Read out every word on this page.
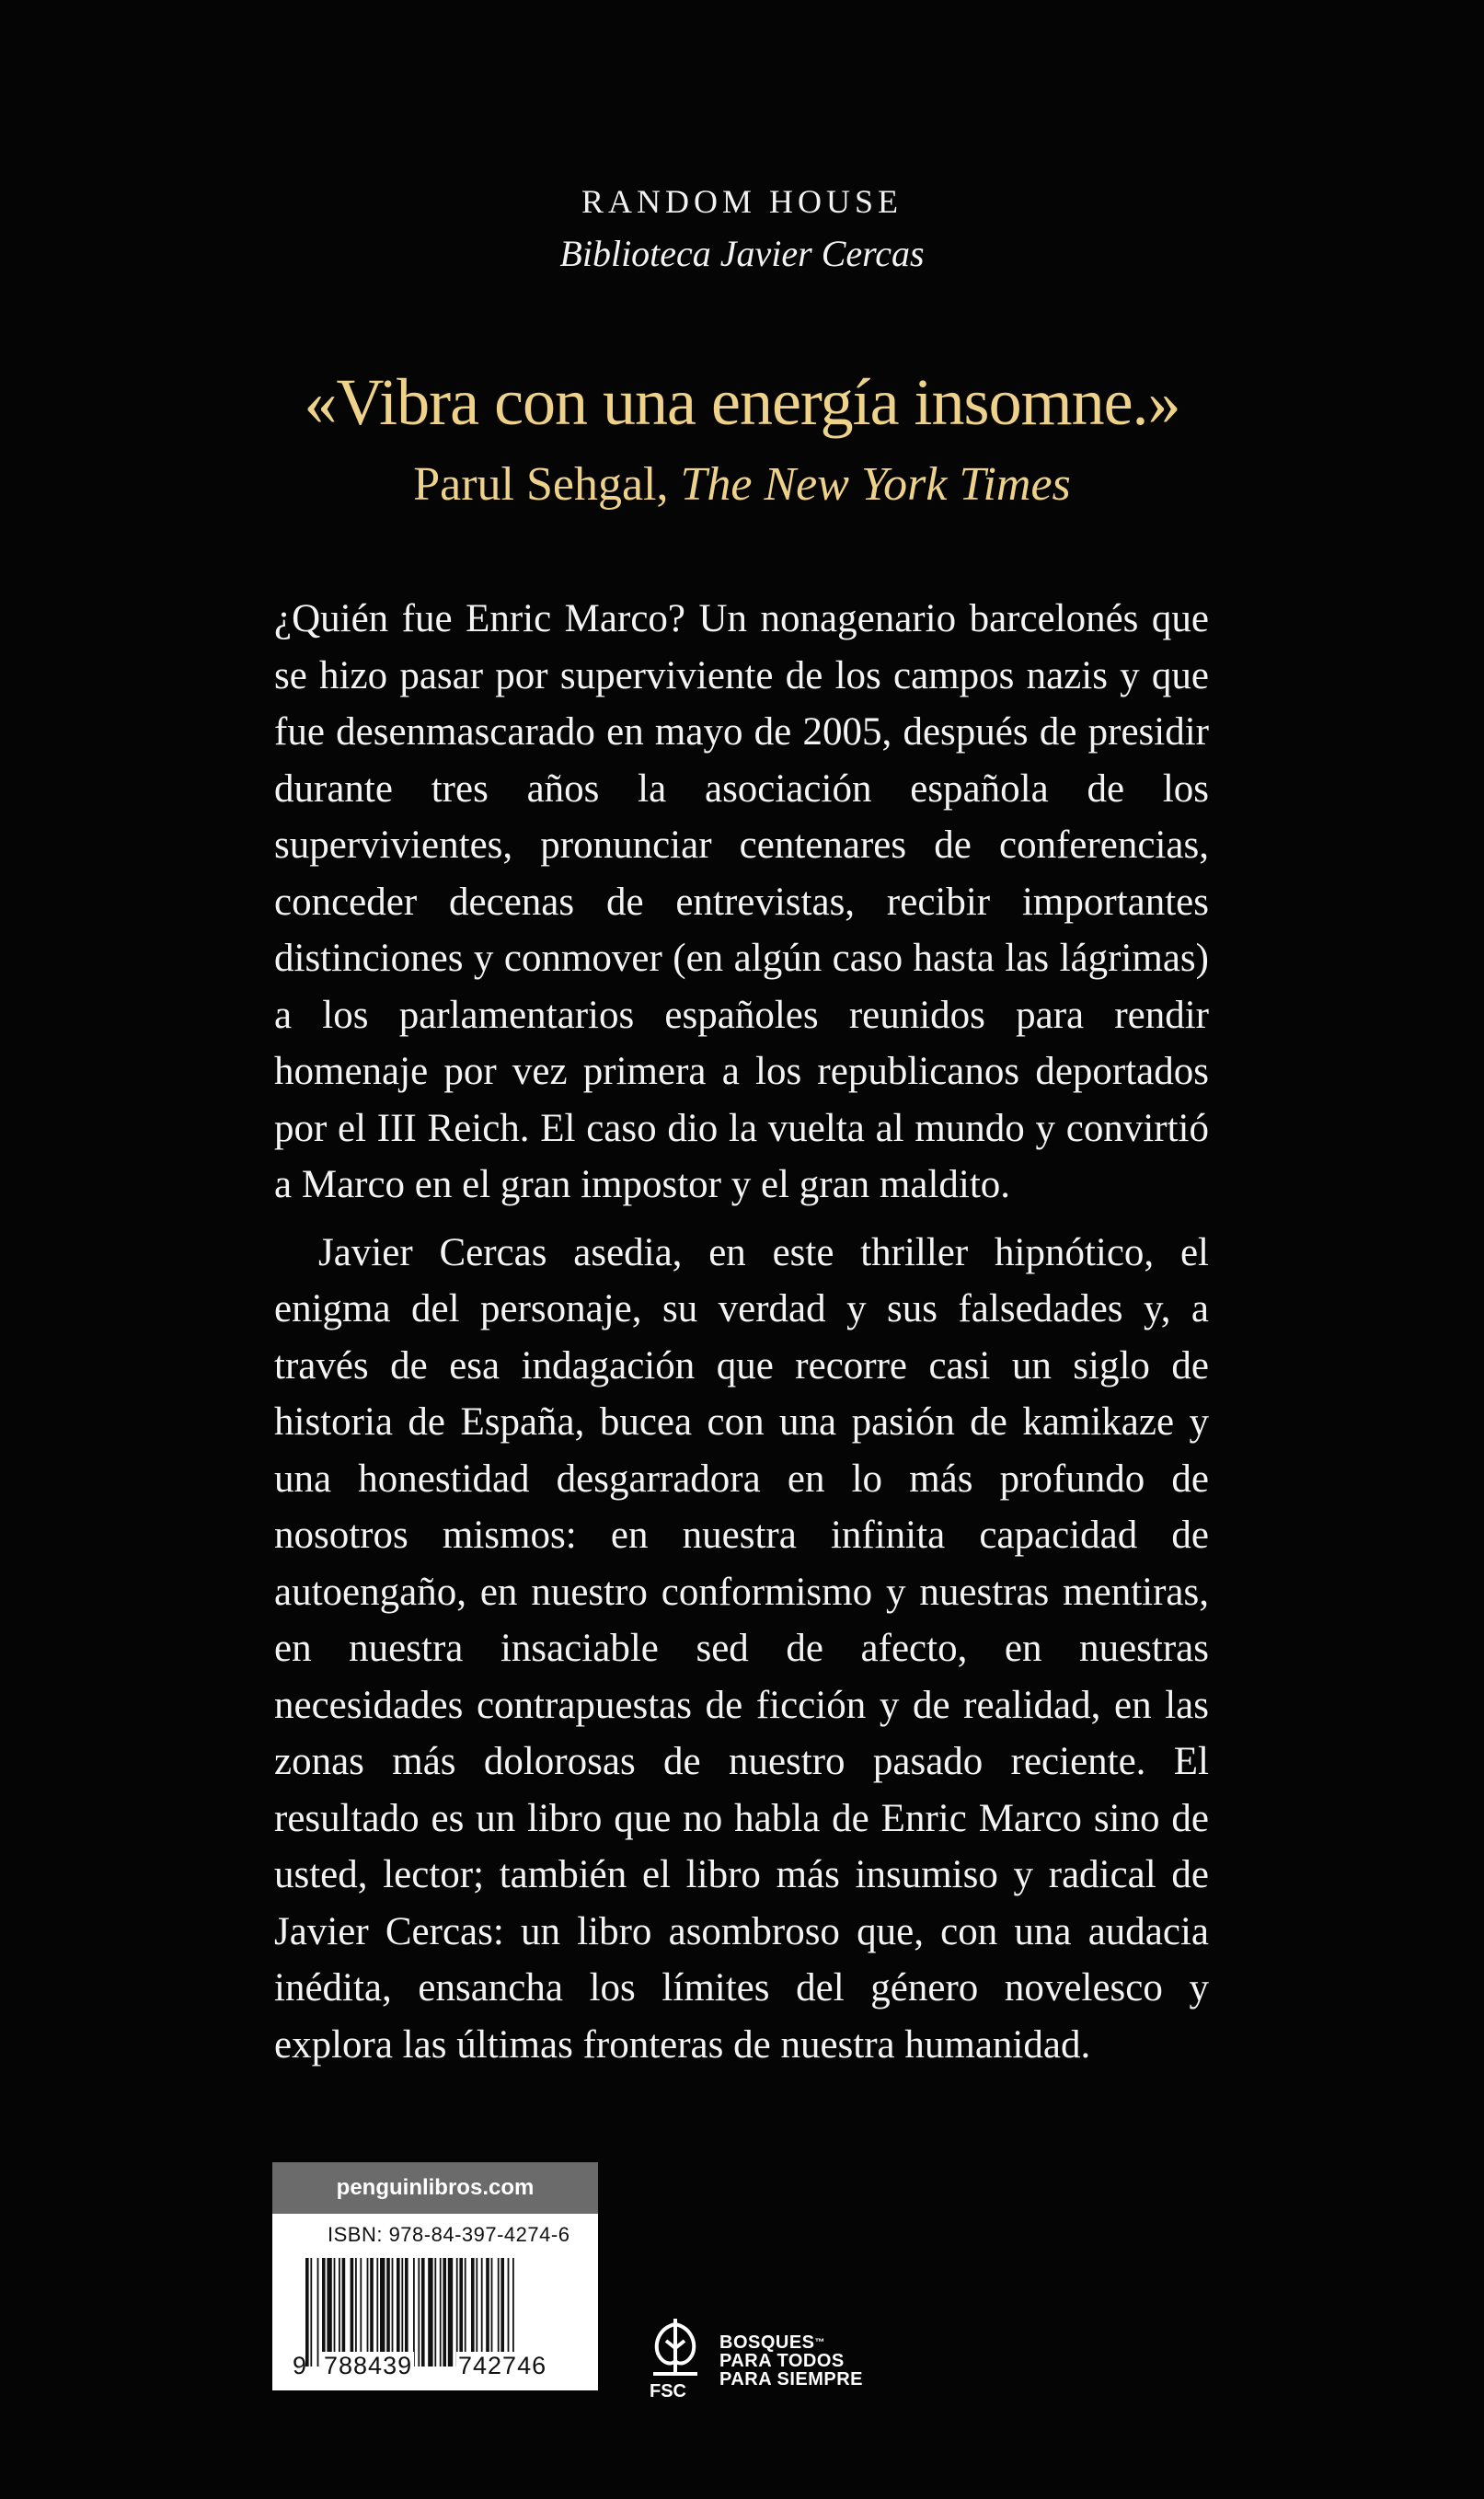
RANDOM HOUSE
Biblioteca Javier Cercas
«Vibra con una energía insomne.»
Parul Sehgal, The New York Times

¿Quién fue Enric Marco? Un nonagenario barcelonés que se hizo pasar por superviviente de los campos nazis y que fue desenmascarado en mayo de 2005, después de presidir durante tres años la asociación española de los supervivientes, pronunciar centenares de conferencias, conceder decenas de entrevistas, recibir importantes distinciones y conmover (en algún caso hasta las lágrimas) a los parlamentarios españoles reunidos para rendir homenaje por vez primera a los republicanos deportados por el III Reich. El caso dio la vuelta al mundo y convirtió a Marco en el gran impostor y el gran maldito.

Javier Cercas asedia, en este thriller hipnótico, el enigma del personaje, su verdad y sus falsedades y, a través de esa indagación que recorre casi un siglo de historia de España, bucea con una pasión de kamikaze y una honestidad desgarradora en lo más profundo de nosotros mismos: en nuestra infinita capacidad de autoengaño, en nuestro conformismo y nuestras mentiras, en nuestra insaciable sed de afecto, en nuestras necesidades contrapuestas de ficción y de realidad, en las zonas más dolorosas de nuestro pasado reciente. El resultado es un libro que no habla de Enric Marco sino de usted, lector; también el libro más insumiso y radical de Javier Cercas: un libro asombroso que, con una audacia inédita, ensancha los límites del género novelesco y explora las últimas fronteras de nuestra humanidad.

penguinlibros.com
ISBN: 978-84-397-4274-6
9 788439 742746
FSC
BOSQUES™
PARA TODOS
PARA SIEMPRE
